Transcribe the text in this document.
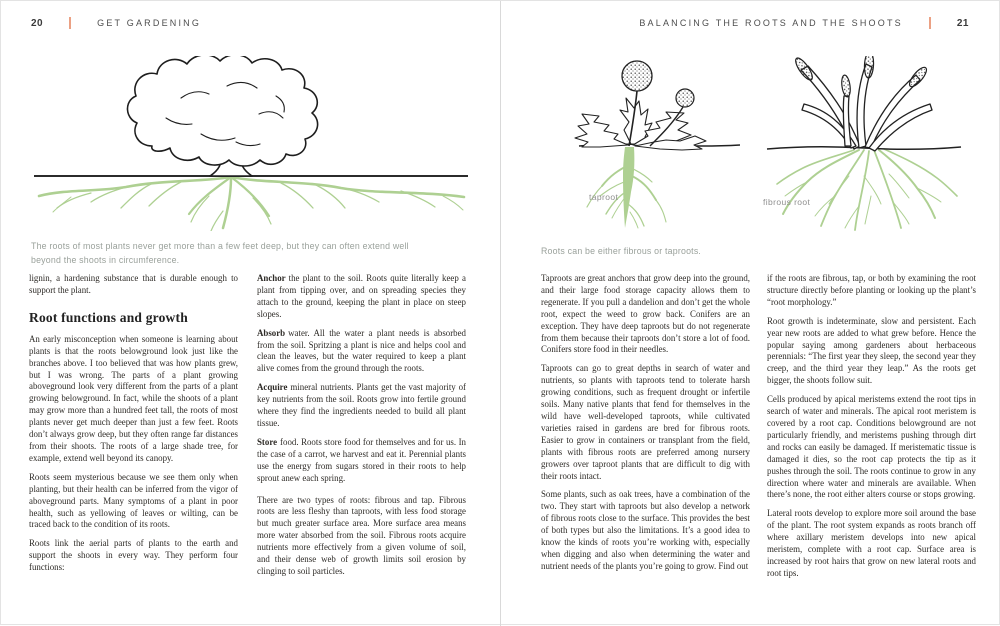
20	GET GARDENING
The roots of most plants never get more than a few feet deep, but they can often extend well beyond the shoots in circumference.

lignin, a hardening substance that is durable enough to support the plant.

Root functions and growth

An early misconception when someone is learning about plants is that the roots belowground look just like the branches above. I too believed that was how plants grew, but I was wrong. The parts of a plant growing aboveground look very different from the parts of a plant growing belowground. In fact, while the shoots of a plant may grow more than a hundred feet tall, the roots of most plants never get much deeper than just a few feet. Roots don’t always grow deep, but they often range far distances from their shoots. The roots of a large shade tree, for example, extend well beyond its canopy.

Roots seem mysterious because we see them only when planting, but their health can be inferred from the vigor of aboveground parts. Many symptoms of a plant in poor health, such as yellowing of leaves or wilting, can be traced back to the condition of its roots.

Roots link the aerial parts of plants to the earth and support the shoots in every way. They perform four functions:

Anchor the plant to the soil. Roots quite literally keep a plant from tipping over, and on spreading species they attach to the ground, keeping the plant in place on steep slopes.

Absorb water. All the water a plant needs is absorbed from the soil. Spritzing a plant is nice and helps cool and clean the leaves, but the water required to keep a plant alive comes from the ground through the roots.

Acquire mineral nutrients. Plants get the vast majority of key nutrients from the soil. Roots grow into fertile ground where they find the ingredients needed to build all plant tissue.

Store food. Roots store food for themselves and for us. In the case of a carrot, we harvest and eat it. Perennial plants use the energy from sugars stored in their roots to help sprout anew each spring.

There are two types of roots: fibrous and tap. Fibrous roots are less fleshy than taproots, with less food storage but much greater surface area. More surface area means more water absorbed from the soil. Fibrous roots acquire nutrients more effectively from a given volume of soil, and their dense web of growth limits soil erosion by clinging to soil particles.

BALANCING THE ROOTS AND THE SHOOTS	21
taproot	fibrous root
Roots can be either fibrous or taproots.

Taproots are great anchors that grow deep into the ground, and their large food storage capacity allows them to regenerate. If you pull a dandelion and don’t get the whole root, expect the weed to grow back. Conifers are an exception. They have deep taproots but do not regenerate from them because their taproots don’t store a lot of food. Conifers store food in their needles.

Taproots can go to great depths in search of water and nutrients, so plants with taproots tend to tolerate harsh growing conditions, such as frequent drought or infertile soils. Many native plants that fend for themselves in the wild have well-developed taproots, while cultivated varieties raised in gardens are bred for fibrous roots. Easier to grow in containers or transplant from the field, plants with fibrous roots are preferred among nursery growers over taproot plants that are difficult to dig with their roots intact.

Some plants, such as oak trees, have a combination of the two. They start with taproots but also develop a network of fibrous roots close to the surface. This provides the best of both types but also the limitations. It’s a good idea to know the kinds of roots you’re working with, especially when digging and also when determining the water and nutrient needs of the plants you’re going to grow. Find out

if the roots are fibrous, tap, or both by examining the root structure directly before planting or looking up the plant’s “root morphology.”

Root growth is indeterminate, slow and persistent. Each year new roots are added to what grew before. Hence the popular saying among gardeners about herbaceous perennials: “The first year they sleep, the second year they creep, and the third year they leap.” As the roots get bigger, the shoots follow suit.

Cells produced by apical meristems extend the root tips in search of water and minerals. The apical root meristem is covered by a root cap. Conditions belowground are not particularly friendly, and meristems pushing through dirt and rocks can easily be damaged. If meristematic tissue is damaged it dies, so the root cap protects the tip as it pushes through the soil. The roots continue to grow in any direction where water and minerals are available. When there’s none, the root either alters course or stops growing.

Lateral roots develop to explore more soil around the base of the plant. The root system expands as roots branch off where axillary meristem develops into new apical meristem, complete with a root cap. Surface area is increased by root hairs that grow on new lateral roots and root tips.
